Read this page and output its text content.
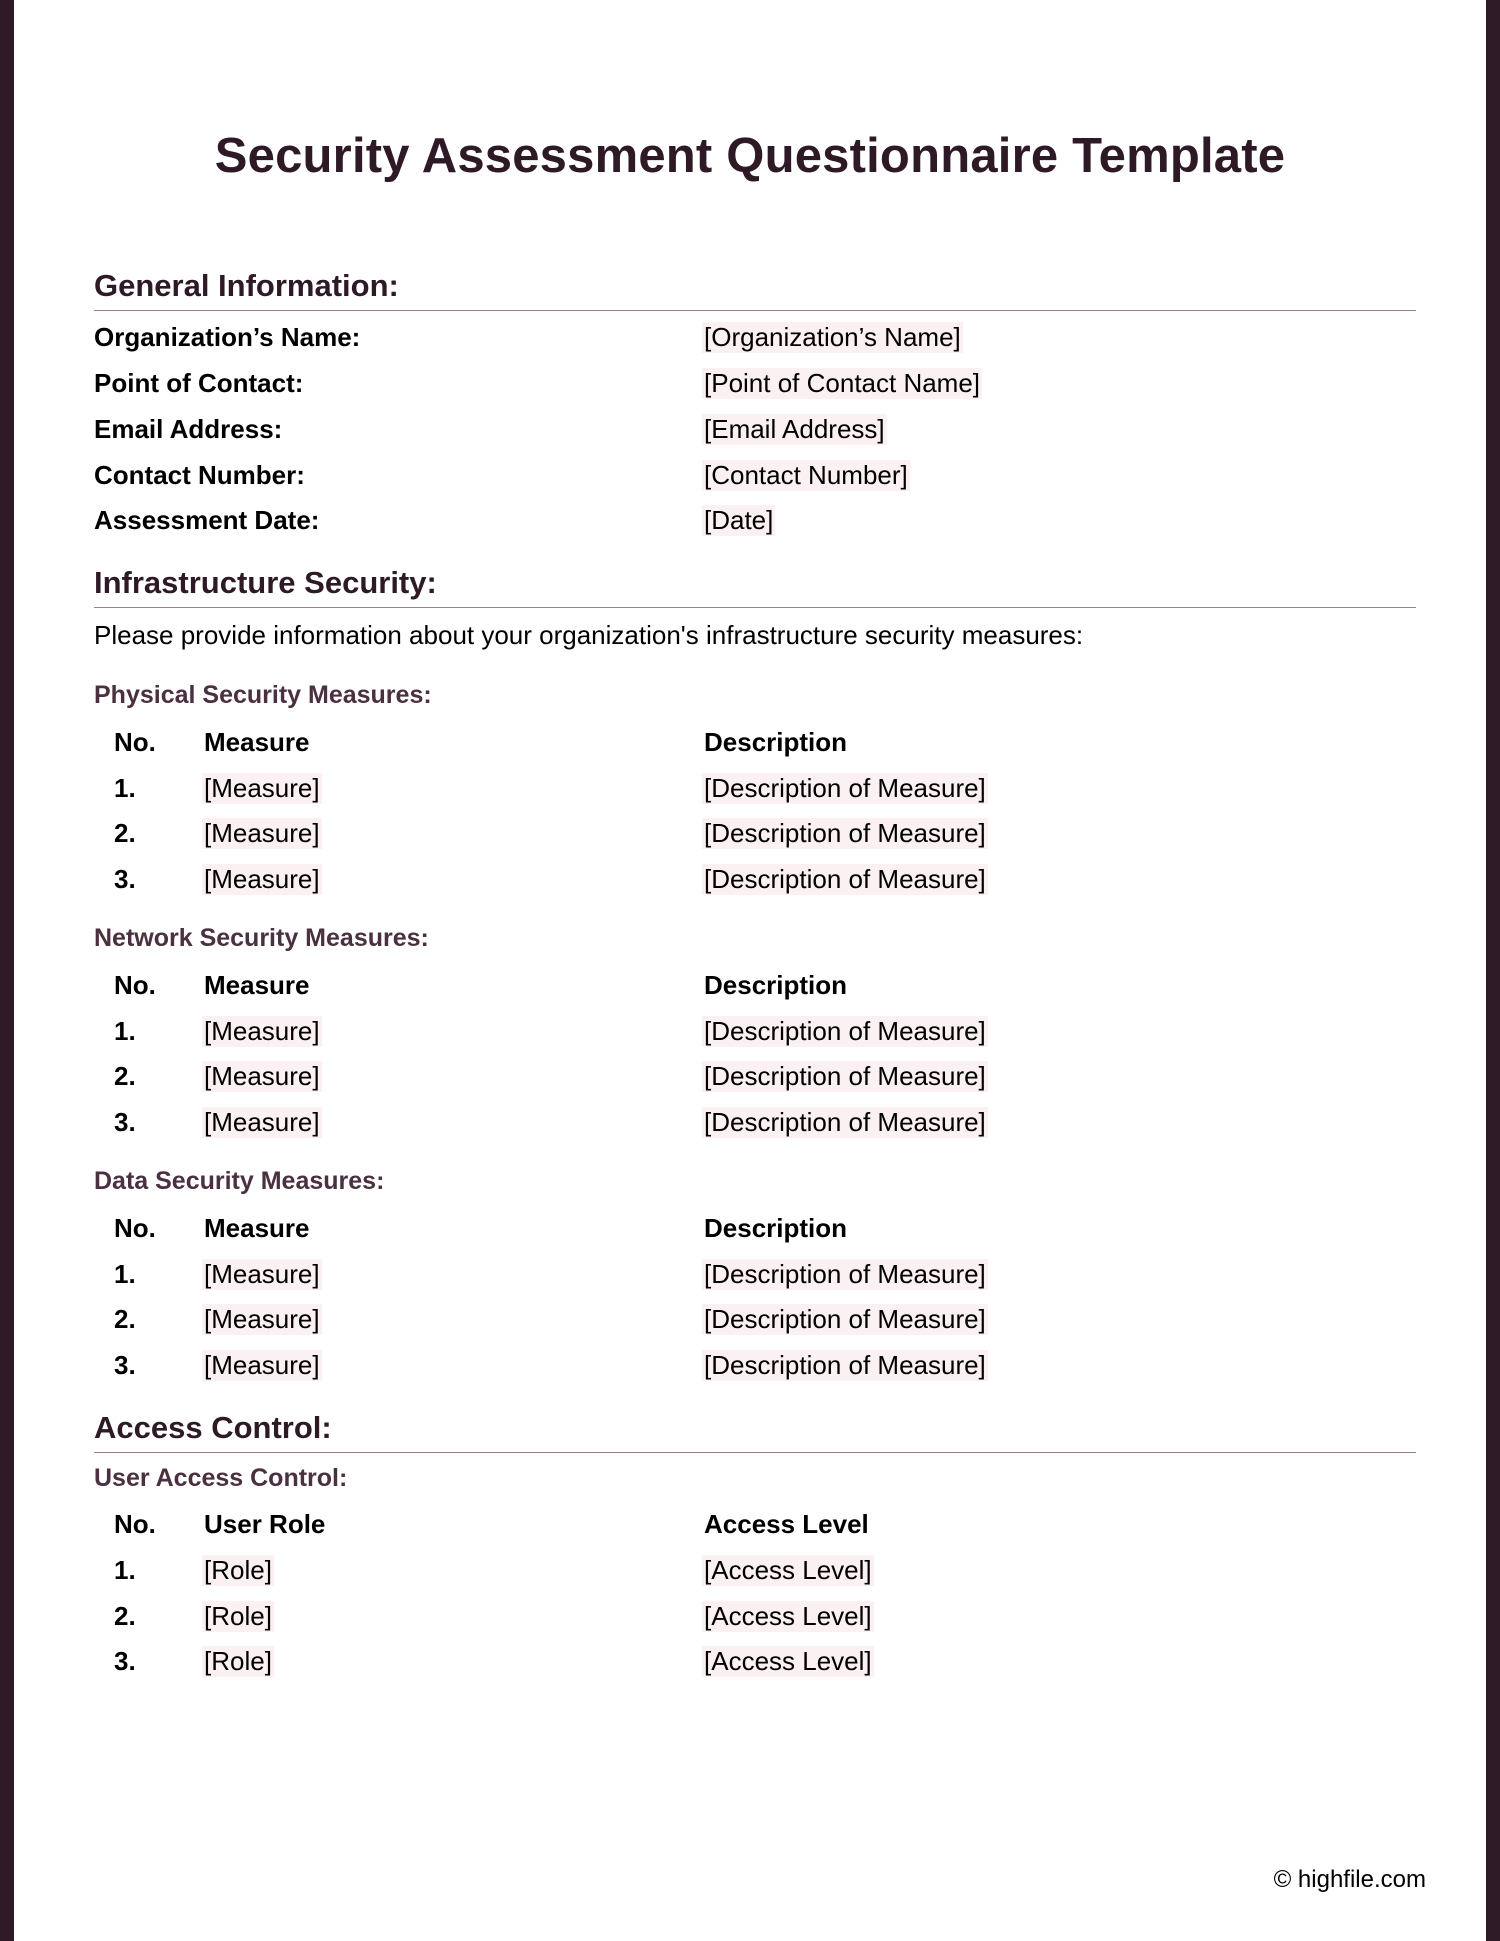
Security Assessment Questionnaire Template
General Information:
Organization’s Name:	[Organization’s Name]
Point of Contact:	[Point of Contact Name]
Email Address:	[Email Address]
Contact Number:	[Contact Number]
Assessment Date:	[Date]
Infrastructure Security:
Please provide information about your organization's infrastructure security measures:
Physical Security Measures:
No. Measure	Description
1.	[Measure]	[Description of Measure]
2.	[Measure]	[Description of Measure]
3.	[Measure]	[Description of Measure]
Network Security Measures:
No. Measure	Description
1.	[Measure]	[Description of Measure]
2.	[Measure]	[Description of Measure]
3.	[Measure]	[Description of Measure]
Data Security Measures:
No. Measure	Description
1.	[Measure]	[Description of Measure]
2.	[Measure]	[Description of Measure]
3.	[Measure]	[Description of Measure]
Access Control:
User Access Control:
No. User Role	Access Level
1.	[Role]	[Access Level]
2.	[Role]	[Access Level]
3.	[Role]	[Access Level]
© highfile.com
